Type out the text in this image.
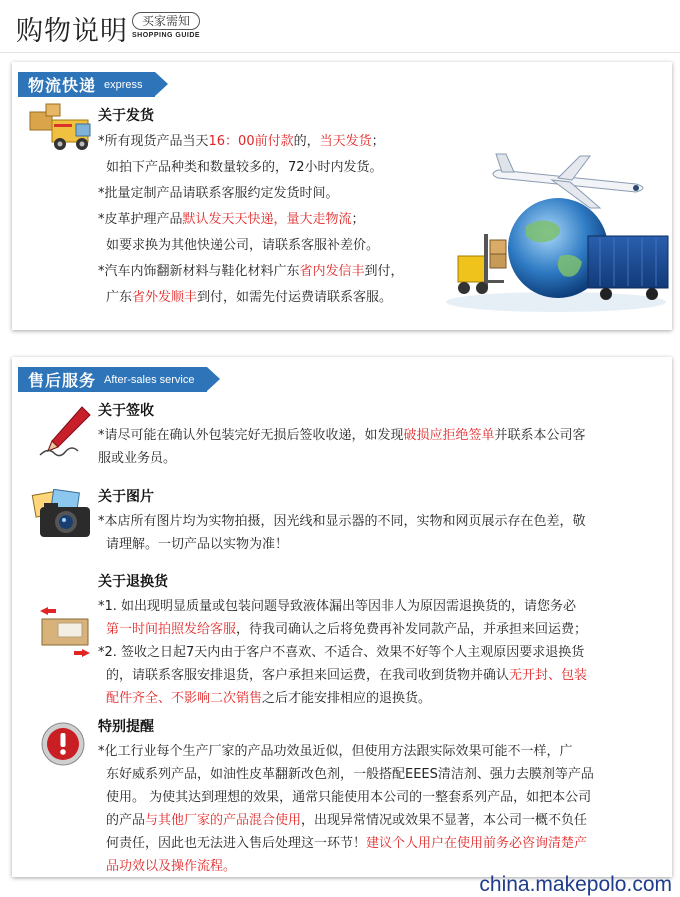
购物说明	买家需知
SHOPPING GUIDE
物流快递 express
关于发货
*所有现货产品当天16：00前付款的，当天发货；
如拍下产品种类和数量较多的，72小时内发货。
*批量定制产品请联系客服约定发货时间。
*皮革护理产品默认发天天快递，量大走物流；
如要求换为其他快递公司，请联系客服补差价。
*汽车内饰翻新材料与鞋化材料广东省内发信丰到付，
广东省外发顺丰到付，如需先付运费请联系客服。
售后服务 After-sales service
关于签收
*请尽可能在确认外包装完好无损后签收收递，如发现破损应拒绝签单并联系本公司客
服或业务员。
关于图片
*本店所有图片均为实物拍摄，因光线和显示器的不同，实物和网页展示存在色差，敬
请理解。一切产品以实物为准！
关于退换货
*1. 如出现明显质量或包装问题导致液体漏出等因非人为原因需退换货的，请您务必
第一时间拍照发给客服，待我司确认之后将免费再补发同款产品，并承担来回运费；
*2. 签收之日起7天内由于客户不喜欢、不适合、效果不好等个人主观原因要求退换货
的，请联系客服安排退货，客户承担来回运费，在我司收到货物并确认无开封、包装
配件齐全、不影响二次销售之后才能安排相应的退换货。
特别提醒
*化工行业每个生产厂家的产品功效虽近似，但使用方法跟实际效果可能不一样，广
东好威系列产品，如油性皮革翻新改色剂，一般搭配EEES清洁剂、强力去膜剂等产品
使用。 为使其达到理想的效果，通常只能使用本公司的一整套系列产品，如把本公司
的产品与其他厂家的产品混合使用，出现异常情况或效果不显著，本公司一概不负任
何责任，因此也无法进入售后处理这一环节！建议个人用户在使用前务必咨询清楚产
品功效以及操作流程。
china.makepolo.com
